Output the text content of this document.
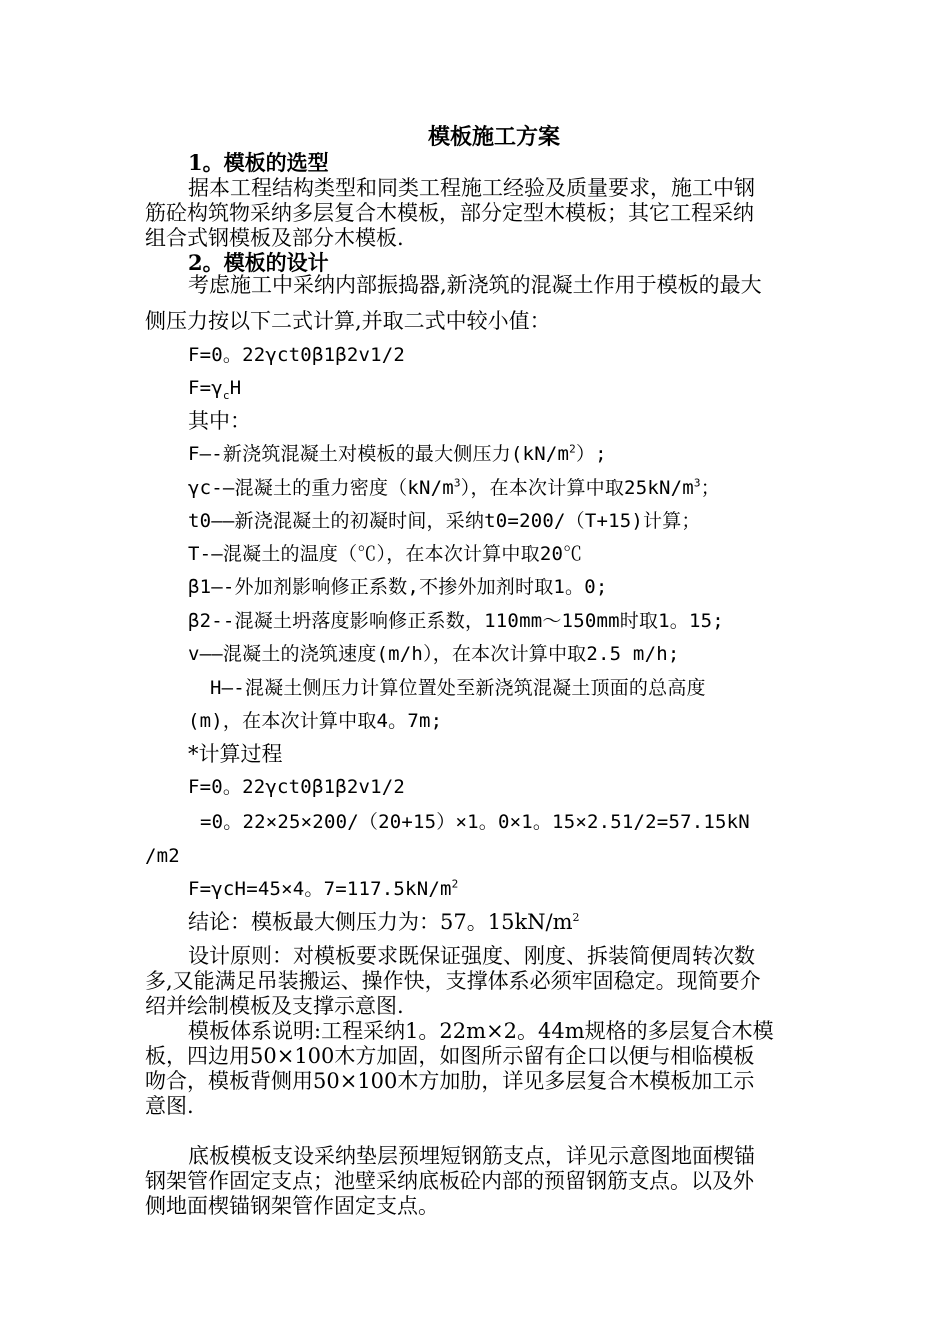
模板施工方案
1。模板的选型
据本工程结构类型和同类工程施工经验及质量要求，施工中钢
筋砼构筑物采纳多层复合木模板，部分定型木模板；其它工程采纳
组合式钢模板及部分木模板.
2。模板的设计
考虑施工中采纳内部振捣器,新浇筑的混凝土作用于模板的最大
侧压力按以下二式计算,并取二式中较小值：
F=0。22γct0β1β2v1/2
$F=\gamma_cH$
其中：
F—-新浇筑混凝土对模板的最大侧压力$(kN/m^2)$;
γc-—混凝土的重力密度$(kN/m^3)$，在本次计算中取$25kN/m^3$；
t0——新浇混凝土的初凝时间，采纳t0=200/（T+15)计算；
T-—混凝土的温度（℃），在本次计算中取20℃
β1—-外加剂影响修正系数,不掺外加剂时取1。0;
β2--混凝土坍落度影响修正系数，110mm～150mm时取1。15;
v——混凝土的浇筑速度(m/h），在本次计算中取2.5 m/h;
H—-混凝土侧压力计算位置处至新浇筑混凝土顶面的总高度
(m)，在本次计算中取4。7m;
*计算过程
F=0。22γct0β1β2v1/2
=0。22×25×200/（20+15）×1。0×1。15×2.51/2=57.15kN
/m2
F=γcH=45×4。$7=117.5kN/m^2$
结论：模板最大侧压力为：57。$15kN/m^2$
设计原则：对模板要求既保证强度、刚度、拆装简便周转次数
多,又能满足吊装搬运、操作快，支撑体系必须牢固稳定。现简要介
绍并绘制模板及支撑示意图.
模板体系说明:工程采纳1。22m×2。44m规格的多层复合木模
板，四边用50×100木方加固，如图所示留有企口以便与相临模板
吻合，模板背侧用50×100木方加肋，详见多层复合木模板加工示
意图.
底板模板支设采纳垫层预埋短钢筋支点，详见示意图地面楔锚
钢架管作固定支点；池壁采纳底板砼内部的预留钢筋支点。以及外
侧地面楔锚钢架管作固定支点。
